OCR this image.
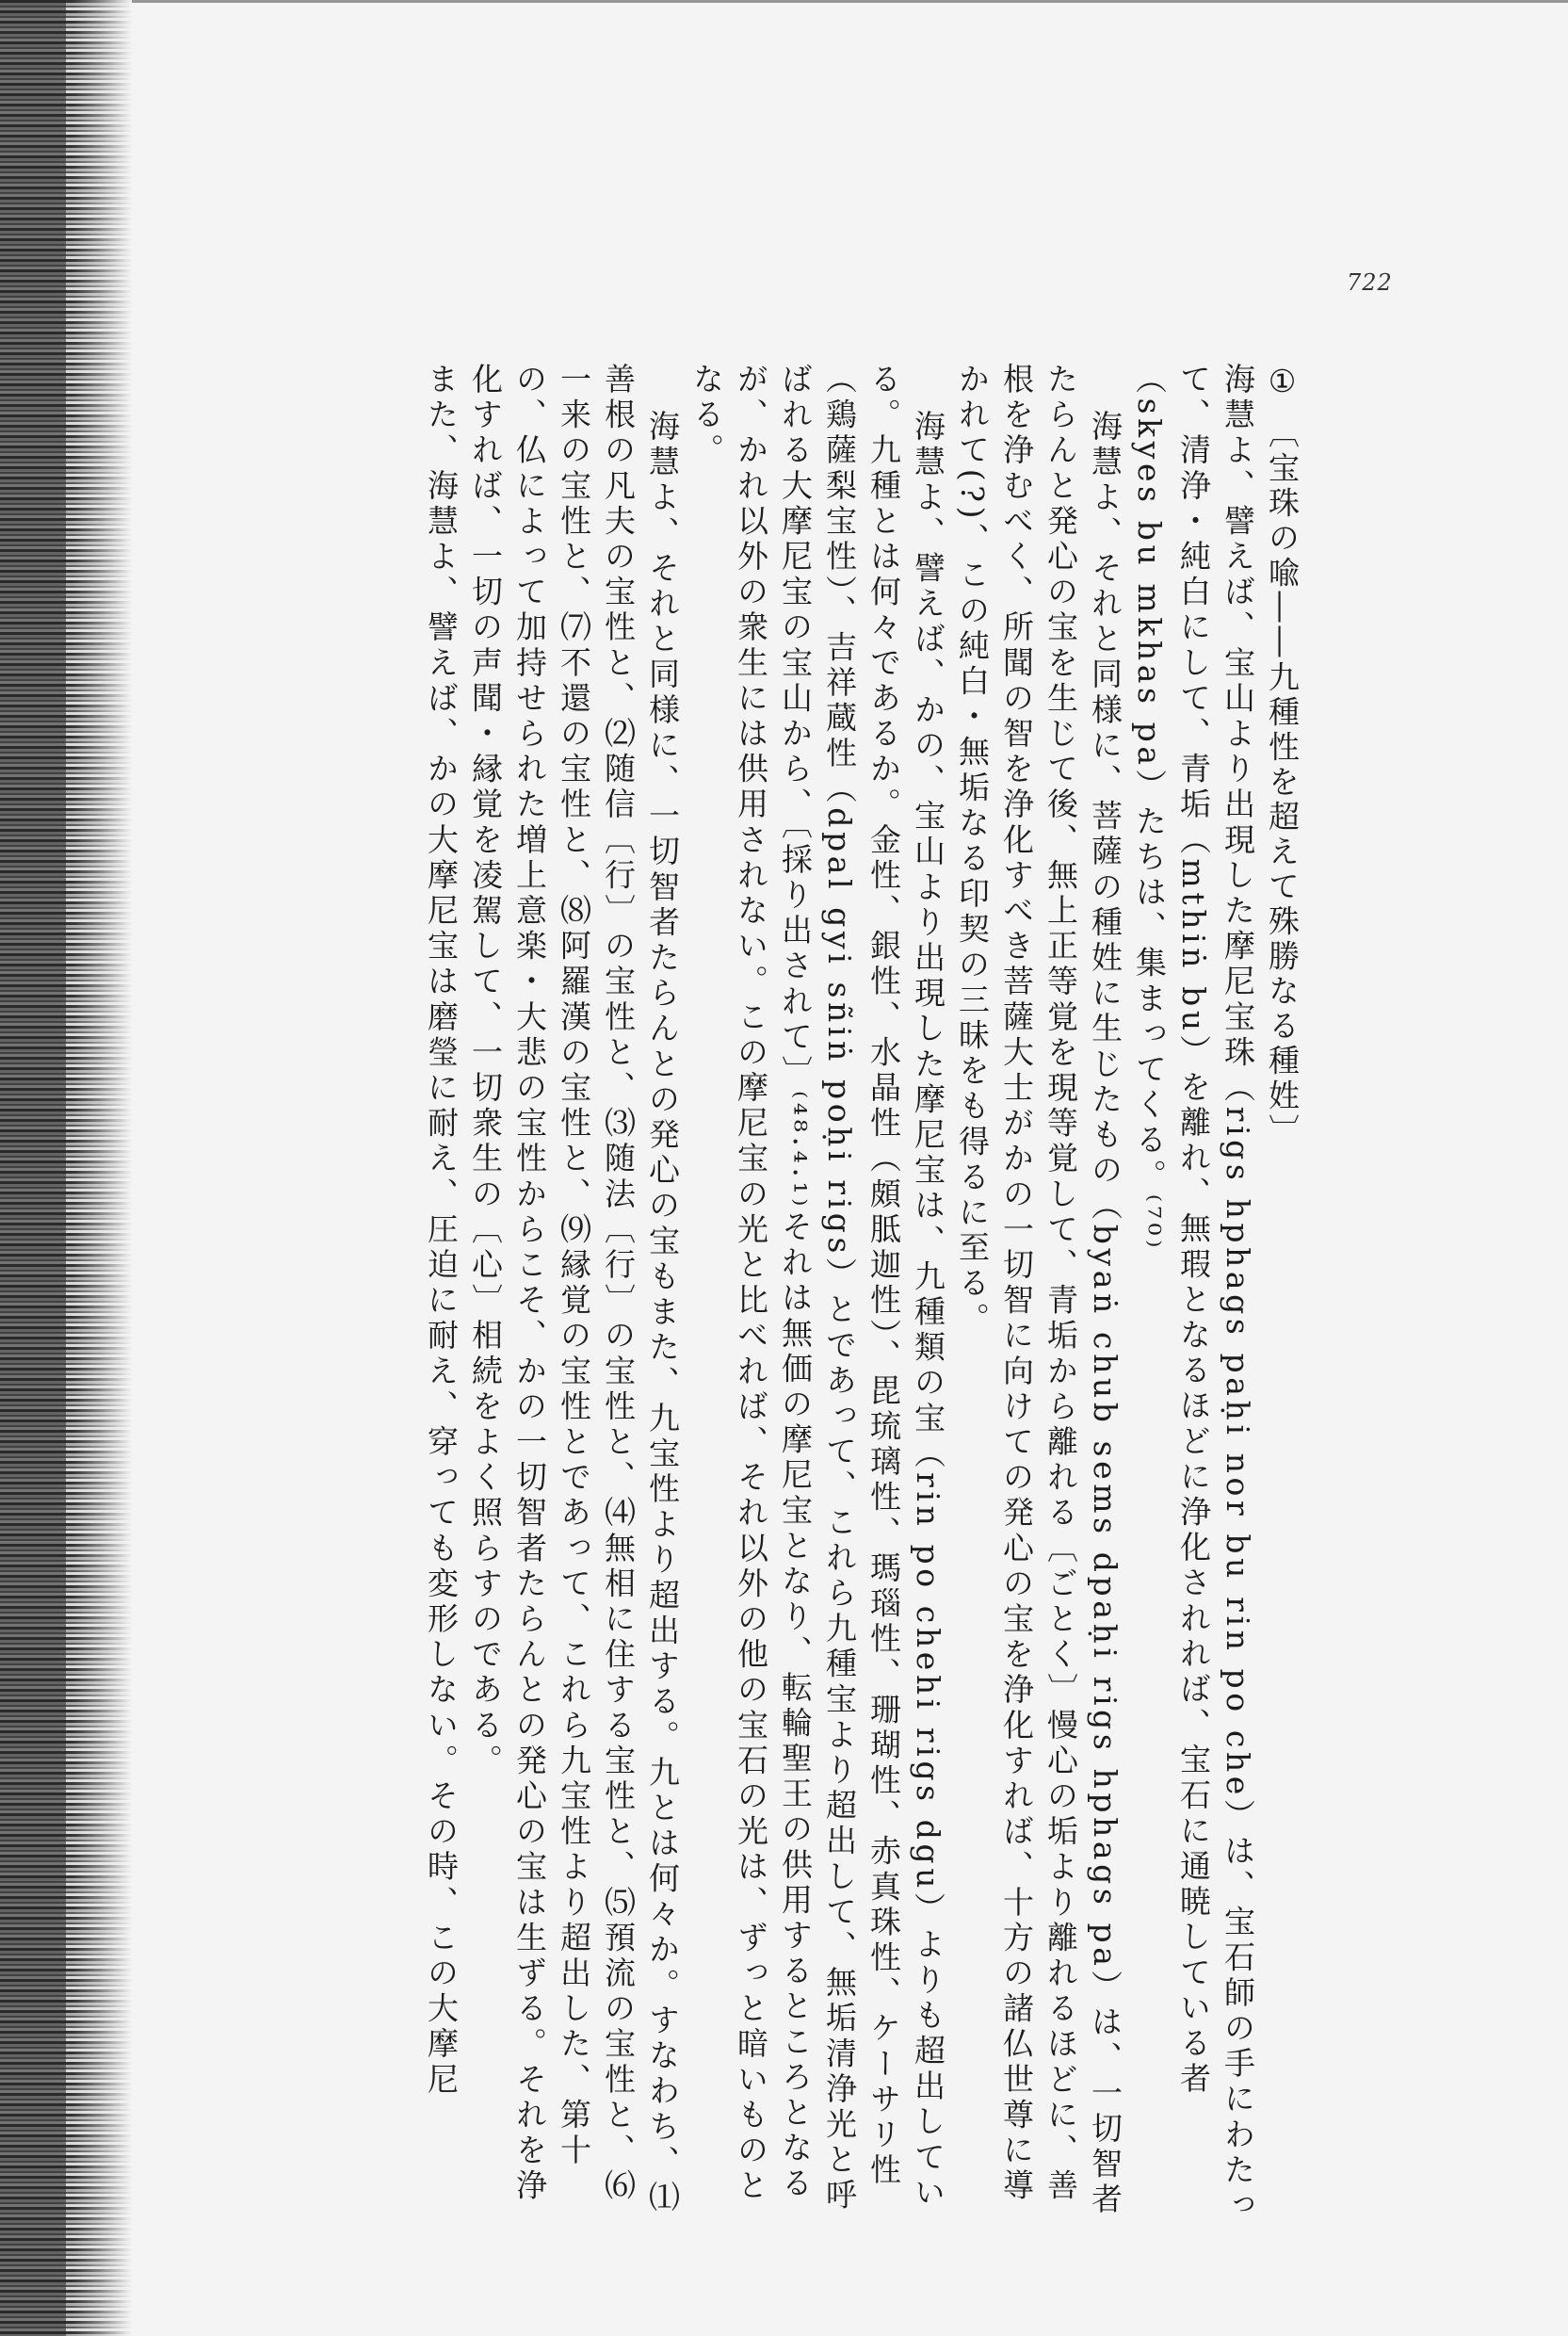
722

① 〔宝珠の喩――九種性を超えて殊勝なる種姓〕

海慧よ、譬えば、宝山より出現した摩尼宝珠（rigs hphags paḥi nor bu rin po che）は、宝石師の手にわたって、清浄・純白にして、青垢（mthiṅ bu）を離れ、無瑕となるほどに浄化されれば、宝石に通暁している者（skyes bu mkhas pa）たちは、集まってくる。⁽⁷⁰⁾

海慧よ、それと同様に、菩薩の種姓に生じたもの（byaṅ chub sems dpaḥi rigs hphags pa）は、一切智者たらんと発心の宝を生じて後、無上正等覚を現等覚して、青垢から離れる〔ごとく〕慢心の垢より離れるほどに、善根を浄むべく、所聞の智を浄化すべき菩薩大士がかの一切智に向けての発心の宝を浄化すれば、十方の諸仏世尊に導かれて(?)、この純白・無垢なる印契の三昧をも得るに至る。

海慧よ、譬えば、かの、宝山より出現した摩尼宝は、九種類の宝（rin po chehi rigs dgu）よりも超出している。九種とは何々であるか。金性、銀性、水晶性（頗胝迦性）、毘琉璃性、瑪瑙性、珊瑚性、赤真珠性、ケーサリ性（鶏薩梨宝性）、吉祥蔵性（dpal gyi sñiṅ poḥi rigs）とであって、これら九種宝より超出して、無垢清浄光と呼ばれる大摩尼宝の宝山から、〔採り出されて〕⁽⁴⁸·⁴·¹⁾それは無価の摩尼宝となり、転輪聖王の供用するところとなるが、かれ以外の衆生には供用されない。この摩尼宝の光と比べれば、それ以外の他の宝石の光は、ずっと暗いものとなる。

海慧よ、それと同様に、一切智者たらんとの発心の宝もまた、九宝性より超出する。九とは何々か。すなわち、⑴善根の凡夫の宝性と、⑵随信〔行〕の宝性と、⑶随法〔行〕の宝性と、⑷無相に住する宝性と、⑸預流の宝性と、⑹一来の宝性と、⑺不還の宝性と、⑻阿羅漢の宝性と、⑼縁覚の宝性とであって、これら九宝性より超出した、第十の、仏によって加持せられた増上意楽・大悲の宝性からこそ、かの一切智者たらんとの発心の宝は生ずる。それを浄化すれば、一切の声聞・縁覚を凌駕して、一切衆生の〔心〕相続をよく照らすのである。

また、海慧よ、譬えば、かの大摩尼宝は磨瑩に耐え、圧迫に耐え、穿っても変形しない。その時、この大摩尼
